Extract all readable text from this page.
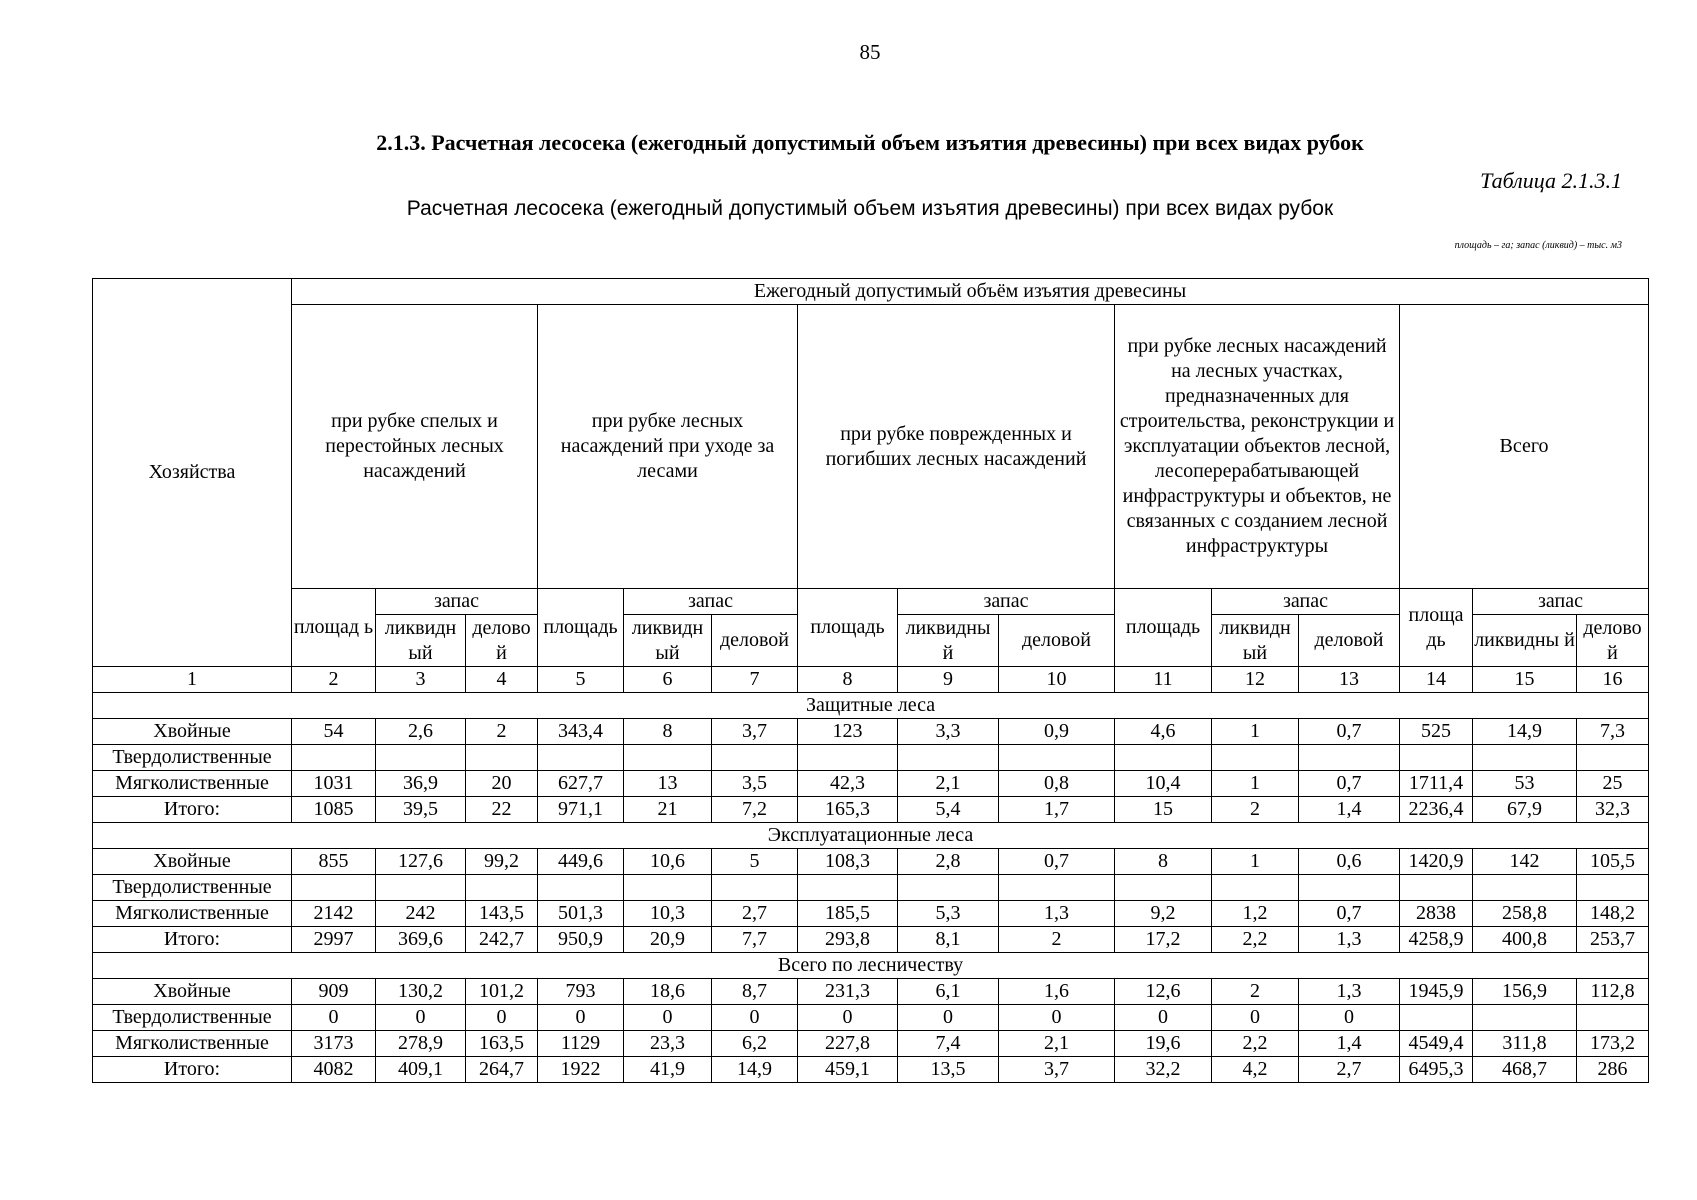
85
2.1.3. Расчетная лесосека (ежегодный допустимый объем изъятия древесины) при всех видах рубок
Таблица 2.1.3.1
Расчетная лесосека (ежегодный допустимый объем изъятия древесины) при всех видах рубок
площадь – га; запас (ликвид) – тыс. м3
Хозяйства	Ежегодный допустимый объём изъятия древесины														
	при рубке спелых и перестойных лесных насаждений			при рубке лесных насаждений при уходе за лесами			при рубке поврежденных и погибших лесных насаждений			при рубке лесных насаждений на лесных участках, предназначенных для строительства, реконструкции и эксплуатации объектов лесной, лесоперерабатывающей инфраструктуры и объектов, не связанных с созданием лесной инфраструктуры			Всего		
	площад ь	запас		площадь	запас		площадь	запас		площадь	запас		площа дь	запас	
		ликвидн ый	делово й		ликвидн ый	деловой		ликвидны й	деловой		ликвидн ый	деловой		ликвидны й	делово й
1	2	3	4	5	6	7	8	9	10	11	12	13	14	15	16
Защитные леса															
Хвойные	54	2,6	2	343,4	8	3,7	123	3,3	0,9	4,6	1	0,7	525	14,9	7,3
Твердолиственные															
Мягколиственные	1031	36,9	20	627,7	13	3,5	42,3	2,1	0,8	10,4	1	0,7	1711,4	53	25
Итого:	1085	39,5	22	971,1	21	7,2	165,3	5,4	1,7	15	2	1,4	2236,4	67,9	32,3
Эксплуатационные леса															
Хвойные	855	127,6	99,2	449,6	10,6	5	108,3	2,8	0,7	8	1	0,6	1420,9	142	105,5
Твердолиственные															
Мягколиственные	2142	242	143,5	501,3	10,3	2,7	185,5	5,3	1,3	9,2	1,2	0,7	2838	258,8	148,2
Итого:	2997	369,6	242,7	950,9	20,9	7,7	293,8	8,1	2	17,2	2,2	1,3	4258,9	400,8	253,7
Всего по лесничеству															
Хвойные	909	130,2	101,2	793	18,6	8,7	231,3	6,1	1,6	12,6	2	1,3	1945,9	156,9	112,8
Твердолиственные	0	0	0	0	0	0	0	0	0	0	0	0			
Мягколиственные	3173	278,9	163,5	1129	23,3	6,2	227,8	7,4	2,1	19,6	2,2	1,4	4549,4	311,8	173,2
Итого:	4082	409,1	264,7	1922	41,9	14,9	459,1	13,5	3,7	32,2	4,2	2,7	6495,3	468,7	286
